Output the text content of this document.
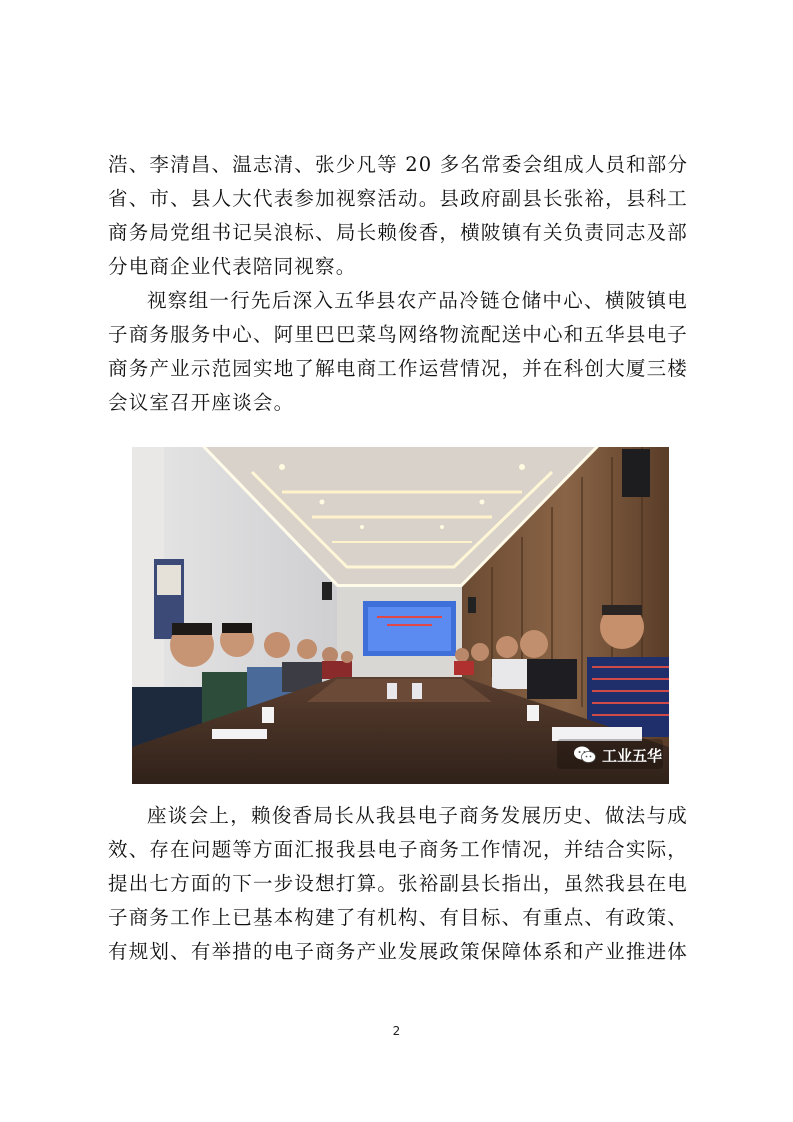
浩、李清昌、温志清、张少凡等 20 多名常委会组成人员和部分
省、市、县人大代表参加视察活动。县政府副县长张裕，县科工
商务局党组书记吴浪标、局长赖俊香，横陂镇有关负责同志及部
分电商企业代表陪同视察。

视察组一行先后深入五华县农产品冷链仓储中心、横陂镇电
子商务服务中心、阿里巴巴菜鸟网络物流配送中心和五华县电子
商务产业示范园实地了解电商工作运营情况，并在科创大厦三楼
会议室召开座谈会。

工业五华

座谈会上，赖俊香局长从我县电子商务发展历史、做法与成
效、存在问题等方面汇报我县电子商务工作情况，并结合实际，
提出七方面的下一步设想打算。张裕副县长指出，虽然我县在电
子商务工作上已基本构建了有机构、有目标、有重点、有政策、
有规划、有举措的电子商务产业发展政策保障体系和产业推进体

2
